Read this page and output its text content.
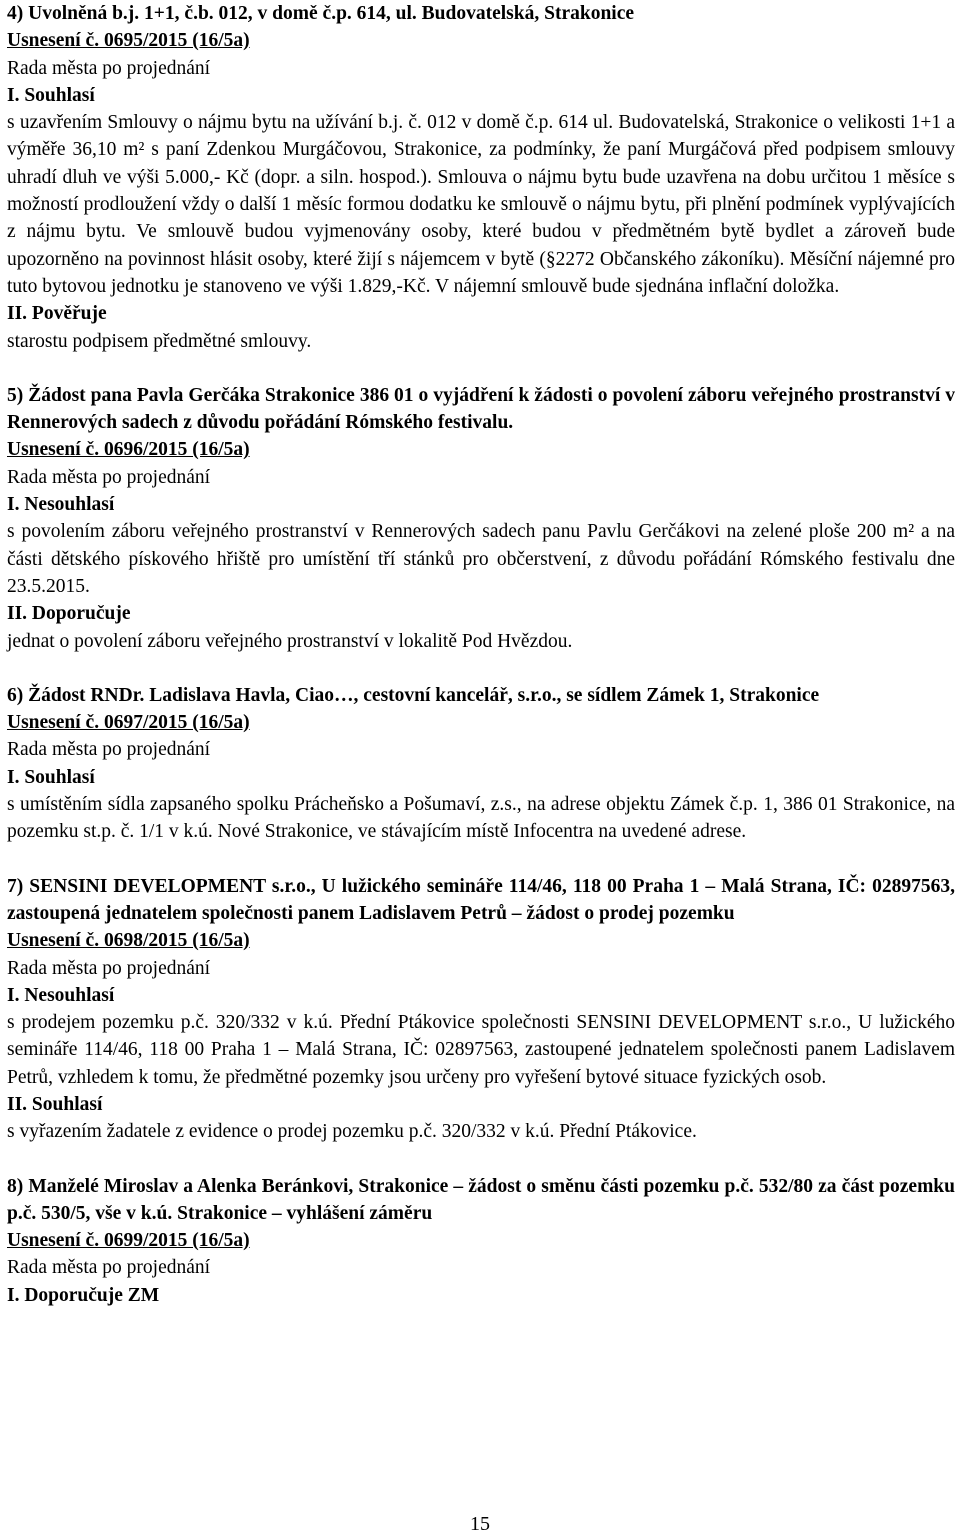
4) Uvolněná b.j. 1+1, č.b. 012, v domě č.p. 614, ul. Budovatelská, Strakonice
Usnesení č. 0695/2015 (16/5a)
Rada města po projednání
I. Souhlasí
s uzavřením Smlouvy o nájmu bytu na užívání b.j. č. 012 v domě č.p. 614 ul. Budovatelská, Strakonice o velikosti 1+1 a výměře 36,10 m² s paní Zdenkou Murgáčovou, Strakonice, za podmínky, že paní Murgáčová před podpisem smlouvy uhradí dluh ve výši 5.000,- Kč (dopr. a siln. hospod.). Smlouva o nájmu bytu bude uzavřena na dobu určitou 1 měsíce s možností prodloužení vždy o další 1 měsíc formou dodatku ke smlouvě o nájmu bytu, při plnění podmínek vyplývajících z nájmu bytu. Ve smlouvě budou vyjmenovány osoby, které budou v předmětném bytě bydlet a zároveň bude upozorněno na povinnost hlásit osoby, které žijí s nájemcem v bytě (§2272 Občanského zákoníku). Měsíční nájemné pro tuto bytovou jednotku je stanoveno ve výši 1.829,-Kč. V nájemní smlouvě bude sjednána inflační doložka.
II. Pověřuje
starostu podpisem předmětné smlouvy.
5) Žádost pana Pavla Gerčáka Strakonice 386 01 o vyjádření k žádosti o povolení záboru veřejného prostranství v Rennerových sadech z důvodu pořádání Rómského festivalu.
Usnesení č. 0696/2015 (16/5a)
Rada města po projednání
I. Nesouhlasí
s povolením záboru veřejného prostranství v Rennerových sadech panu Pavlu Gerčákovi na zelené ploše 200 m² a na části dětského pískového hřiště pro umístění tří stánků pro občerstvení, z důvodu pořádání Rómského festivalu dne 23.5.2015.
II. Doporučuje
jednat o povolení záboru veřejného prostranství v lokalitě Pod Hvězdou.
6) Žádost RNDr. Ladislava Havla, Ciao…, cestovní kancelář, s.r.o., se sídlem Zámek 1, Strakonice
Usnesení č. 0697/2015 (16/5a)
Rada města po projednání
I. Souhlasí
s umístěním sídla zapsaného spolku Prácheňsko a Pošumaví, z.s., na adrese objektu Zámek č.p. 1, 386 01 Strakonice, na pozemku st.p. č. 1/1 v k.ú. Nové Strakonice, ve stávajícím místě Infocentra na uvedené adrese.
7) SENSINI DEVELOPMENT s.r.o., U lužického semináře 114/46, 118 00 Praha 1 – Malá Strana, IČ: 02897563, zastoupená jednatelem společnosti panem Ladislavem Petrů – žádost o prodej pozemku
Usnesení č. 0698/2015 (16/5a)
Rada města po projednání
I. Nesouhlasí
s prodejem pozemku p.č. 320/332 v k.ú. Přední Ptákovice společnosti SENSINI DEVELOPMENT s.r.o., U lužického semináře 114/46, 118 00 Praha 1 – Malá Strana, IČ: 02897563, zastoupené jednatelem společnosti panem Ladislavem Petrů, vzhledem k tomu, že předmětné pozemky jsou určeny pro vyřešení bytové situace fyzických osob.
II. Souhlasí
s vyřazením žadatele z evidence o prodej pozemku p.č. 320/332 v k.ú. Přední Ptákovice.
8) Manželé Miroslav a Alenka Beránkovi, Strakonice – žádost o směnu části pozemku p.č. 532/80 za část pozemku p.č. 530/5, vše v k.ú. Strakonice – vyhlášení záměru
Usnesení č. 0699/2015 (16/5a)
Rada města po projednání
I. Doporučuje ZM
15
